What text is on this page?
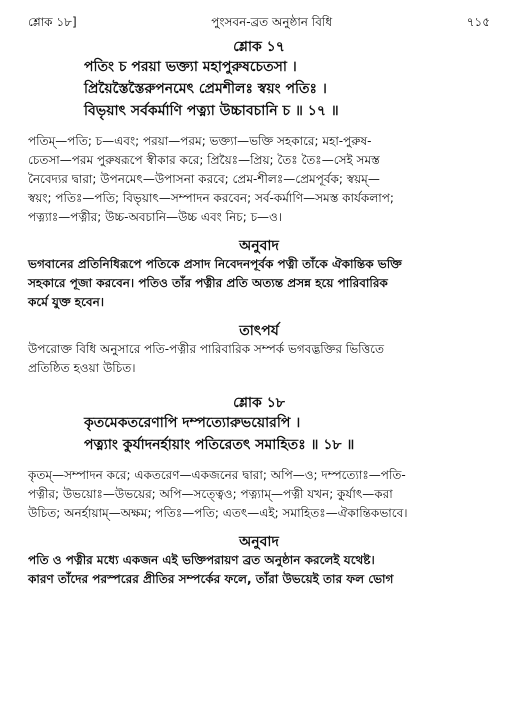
শ্লোক ১৮]	পুংসবন-ব্রত অনুষ্ঠান বিধি	৭১৫
শ্লোক ১৭
পতিং চ পরয়া ভক্ত্যা মহাপুরুষচেতসা ।
প্রিয়ৈস্তৈস্তৈরুপনমেৎ প্রেমশীলঃ স্বয়ং পতিঃ ।
বিভৃয়াৎ সর্বকর্মাণি পত্ন্যা উচ্চাবচানি চ ॥ ১৭ ॥
পতিম্—পতি; চ—এবং; পরয়া—পরম; ভক্ত্যা—ভক্তি সহকারে; মহা-পুরুষ-
চেতসা—পরম পুরুষরূপে স্বীকার করে; প্রিয়ৈঃ—প্রিয়; তৈঃ তৈঃ—সেই সমস্ত
নৈবেদ্যর দ্বারা; উপনমেৎ—উপাসনা করবে; প্রেম-শীলঃ—প্রেমপূর্বক; স্বয়ম্—
স্বয়ং; পতিঃ—পতি; বিভৃয়াৎ—সম্পাদন করবেন; সর্ব-কর্মাণি—সমস্ত কার্যকলাপ;
পত্ন্যাঃ—পত্নীর; উচ্চ-অবচানি—উচ্চ এবং নিচ; চ—ও।
অনুবাদ
ভগবানের প্রতিনিধিরূপে পতিকে প্রসাদ নিবেদনপূর্বক পত্নী তাঁকে ঐকান্তিক ভক্তি
সহকারে পূজা করবেন। পতিও তাঁর পত্নীর প্রতি অত্যন্ত প্রসন্ন হয়ে পারিবারিক
কর্মে যুক্ত হবেন।
তাৎপর্য
উপরোক্ত বিধি অনুসারে পতি-পত্নীর পারিবারিক সম্পর্ক ভগবদ্ভক্তির ভিত্তিতে
প্রতিষ্ঠিত হওয়া উচিত।
শ্লোক ১৮
কৃতমেকতরেণাপি দম্পত্যোরুভয়োরপি ।
পত্ন্যাং কুর্যাদনর্হায়াং পতিরেতৎ সমাহিতঃ ॥ ১৮ ॥
কৃতম্—সম্পাদন করে; একতরেণ—একজনের দ্বারা; অপি—ও; দম্পত্যোঃ—পতি-
পত্নীর; উভয়োঃ—উভয়ের; অপি—সত্ত্বেও; পত্ন্যাম্—পত্নী যখন; কুর্যাৎ—করা
উচিত; অনর্হায়াম্—অক্ষম; পতিঃ—পতি; এতৎ—এই; সমাহিতঃ—ঐকান্তিকভাবে।
অনুবাদ
পতি ও পত্নীর মধ্যে একজন এই ভক্তিপরায়ণ ব্রত অনুষ্ঠান করলেই যথেষ্ট।
কারণ তাঁদের পরস্পরের প্রীতির সম্পর্কের ফলে, তাঁরা উভয়েই তার ফল ভোগ
